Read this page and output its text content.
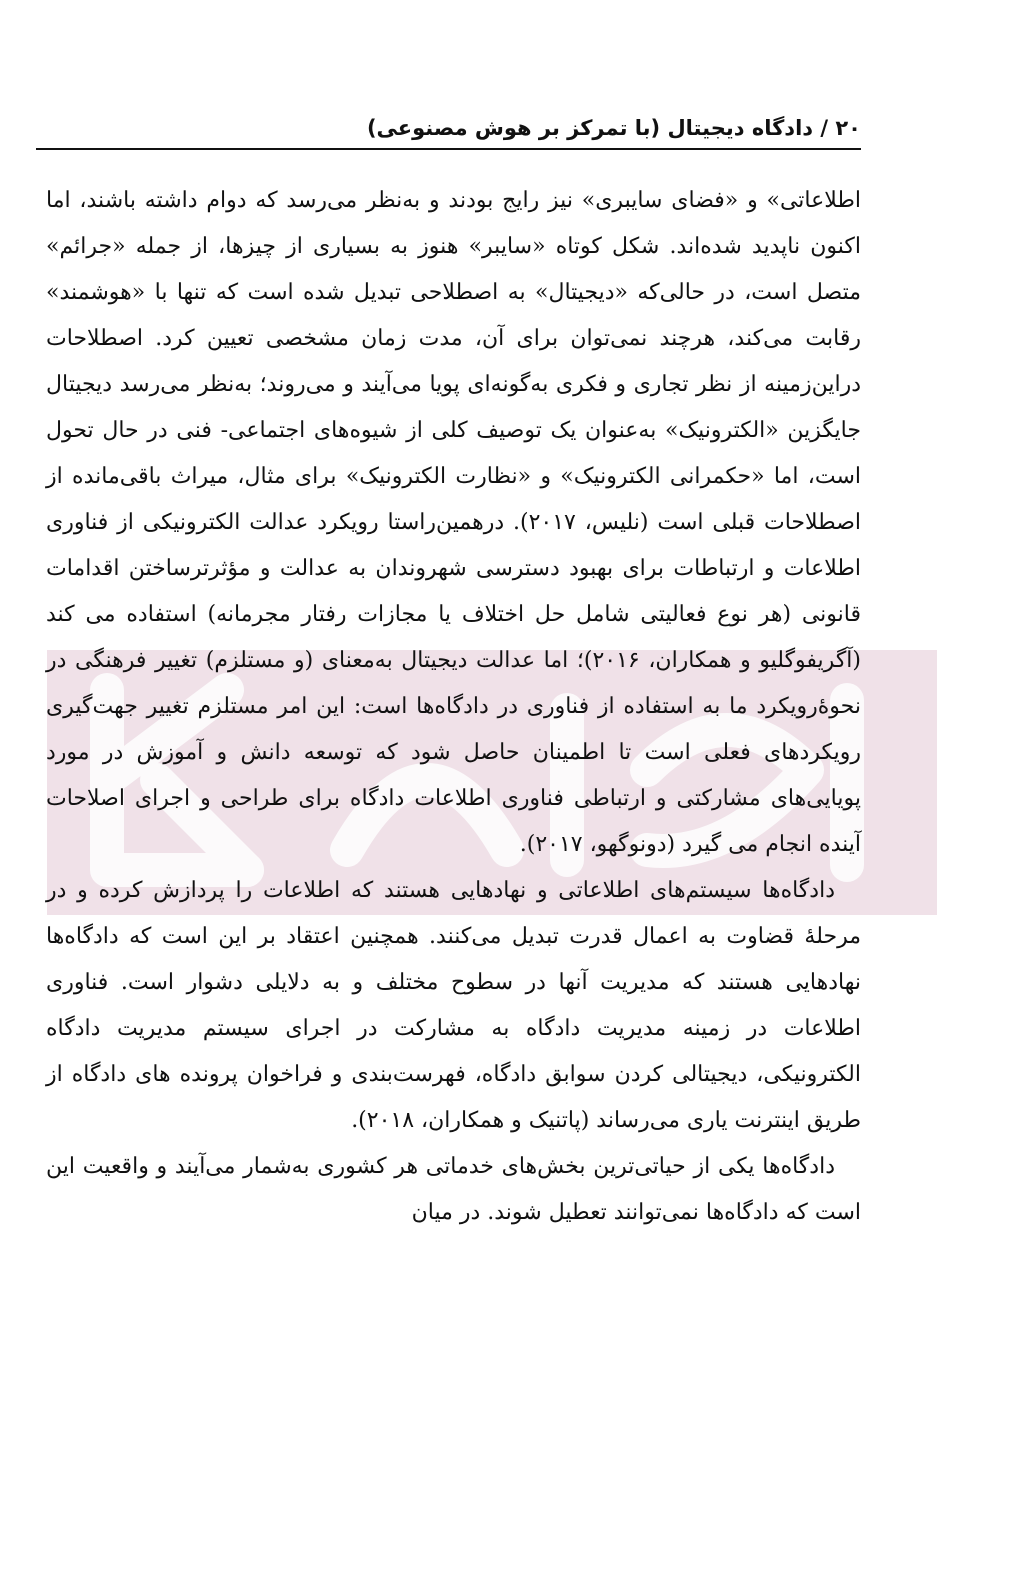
۲۰ / دادگاه دیجیتال (با تمرکز بر هوش مصنوعی)

اطلاعاتی» و «فضای سایبری» نیز رایج بودند و به‌نظر می‌رسد که دوام داشته باشند، اما اکنون ناپدید شده‌اند. شکل کوتاه «سایبر» هنوز به بسیاری از چیزها، از جمله «جرائم» متصل است، در حالی‌که «دیجیتال» به اصطلاحی تبدیل شده است که تنها با «هوشمند» رقابت می‌کند، هرچند نمی‌توان برای آن، مدت زمان مشخصی تعیین کرد. اصطلاحات دراین‌زمینه از نظر تجاری و فکری به‌گونه‌ای پویا می‌آیند و می‌روند؛ به‌نظر می‌رسد دیجیتال جایگزین «الکترونیک» به‌عنوان یک توصیف کلی از شیوه‌های اجتماعی- فنی در حال تحول است، اما «حکمرانی الکترونیک» و «نظارت الکترونیک» برای مثال، میراث باقی‌مانده از اصطلاحات قبلی است (نلیس، ۲۰۱۷). درهمین‌راستا رویکرد عدالت الکترونیکی از فناوری اطلاعات و ارتباطات برای بهبود دسترسی شهروندان به عدالت و مؤثرتر‌ساختن اقدامات قانونی (هر نوع فعالیتی شامل حل اختلاف یا مجازات رفتار مجرمانه) استفاده می کند (آگریفوگلیو و همکاران، ۲۰۱۶)؛ اما عدالت دیجیتال به‌معنای (و مستلزم) تغییر فرهنگی در نحوهٔ‌رویکرد ما به استفاده از فناوری در دادگاه‌ها است: این امر مستلزم تغییر جهت‌گیری رویکردهای فعلی است تا اطمینان حاصل شود که توسعه دانش و آموزش در مورد پویایی‌های مشارکتی و ارتباطی فناوری اطلاعات دادگاه برای طراحی و اجرای اصلاحات آینده انجام می گیرد (دونوگهو، ۲۰۱۷).

دادگاه‌ها سیستم‌های اطلاعاتی و نهادهایی هستند که اطلاعات را پردازش کرده و در مرحلهٔ قضاوت به اعمال قدرت تبدیل می‌کنند. همچنین اعتقاد بر این است که دادگاه‌ها نهادهایی هستند که مدیریت آنها در سطوح مختلف و به دلایلی دشوار است. فناوری اطلاعات در زمینه مدیریت دادگاه به مشارکت در اجرای سیستم مدیریت دادگاه الکترونیکی، دیجیتالی کردن سوابق دادگاه، فهرست‌بندی و فراخوان پرونده های دادگاه از طریق اینترنت یاری می‌رساند (پاتنیک و همکاران، ۲۰۱۸).

دادگاه‌ها یکی از حیاتی‌ترین بخش‌های خدماتی هر کشوری به‌شمار می‌آیند و واقعیت این است که دادگاه‌ها نمی‌توانند تعطیل شوند. در میان
